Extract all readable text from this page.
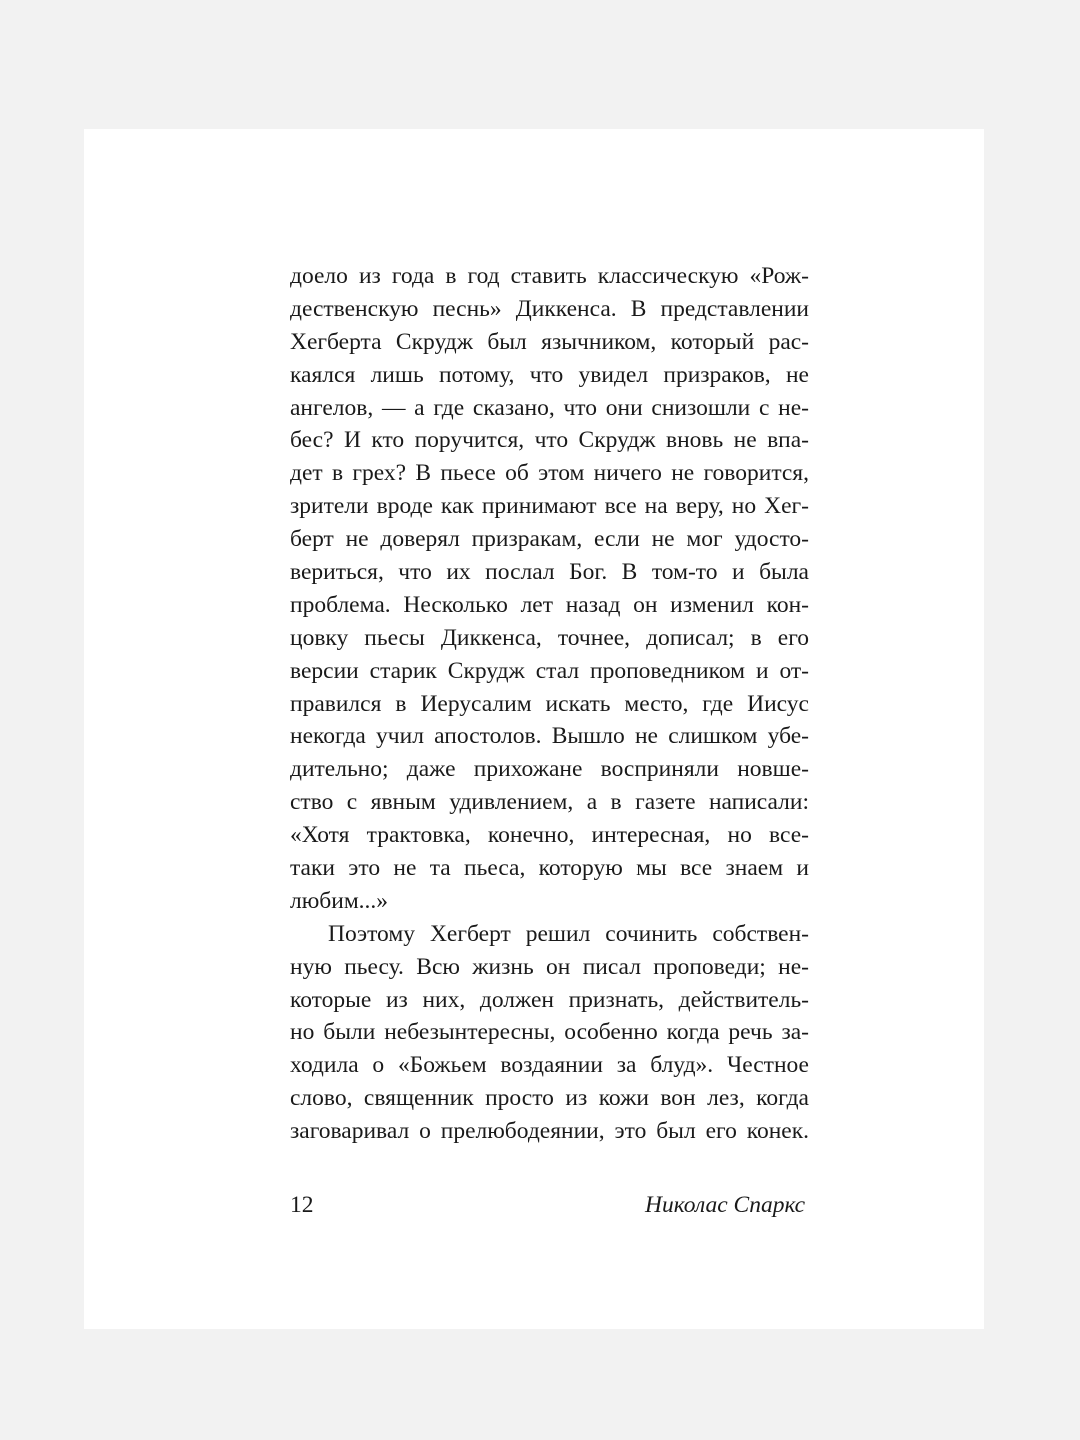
доело из года в год ставить классическую «Рож-
дественскую песнь» Диккенса. В представлении
Хегберта Скрудж был язычником, который рас-
каялся лишь потому, что увидел призраков, не
ангелов, — а где сказано, что они снизошли с не-
бес? И кто поручится, что Скрудж вновь не впа-
дет в грех? В пьесе об этом ничего не говорится,
зрители вроде как принимают все на веру, но Хег-
берт не доверял призракам, если не мог удосто-
вериться, что их послал Бог. В том-то и была
проблема. Несколько лет назад он изменил кон-
цовку пьесы Диккенса, точнее, дописал; в его
версии старик Скрудж стал проповедником и от-
правился в Иерусалим искать место, где Иисус
некогда учил апостолов. Вышло не слишком убе-
дительно; даже прихожане восприняли новше-
ство с явным удивлением, а в газете написали:
«Хотя трактовка, конечно, интересная, но все-
таки это не та пьеса, которую мы все знаем и
любим...»
Поэтому Хегберт решил сочинить собствен-
ную пьесу. Всю жизнь он писал проповеди; не-
которые из них, должен признать, действитель-
но были небезынтересны, особенно когда речь за-
ходила о «Божьем воздаянии за блуд». Честное
слово, священник просто из кожи вон лез, когда
заговаривал о прелюбодеянии, это был его конек.
12	Николас Спаркс
